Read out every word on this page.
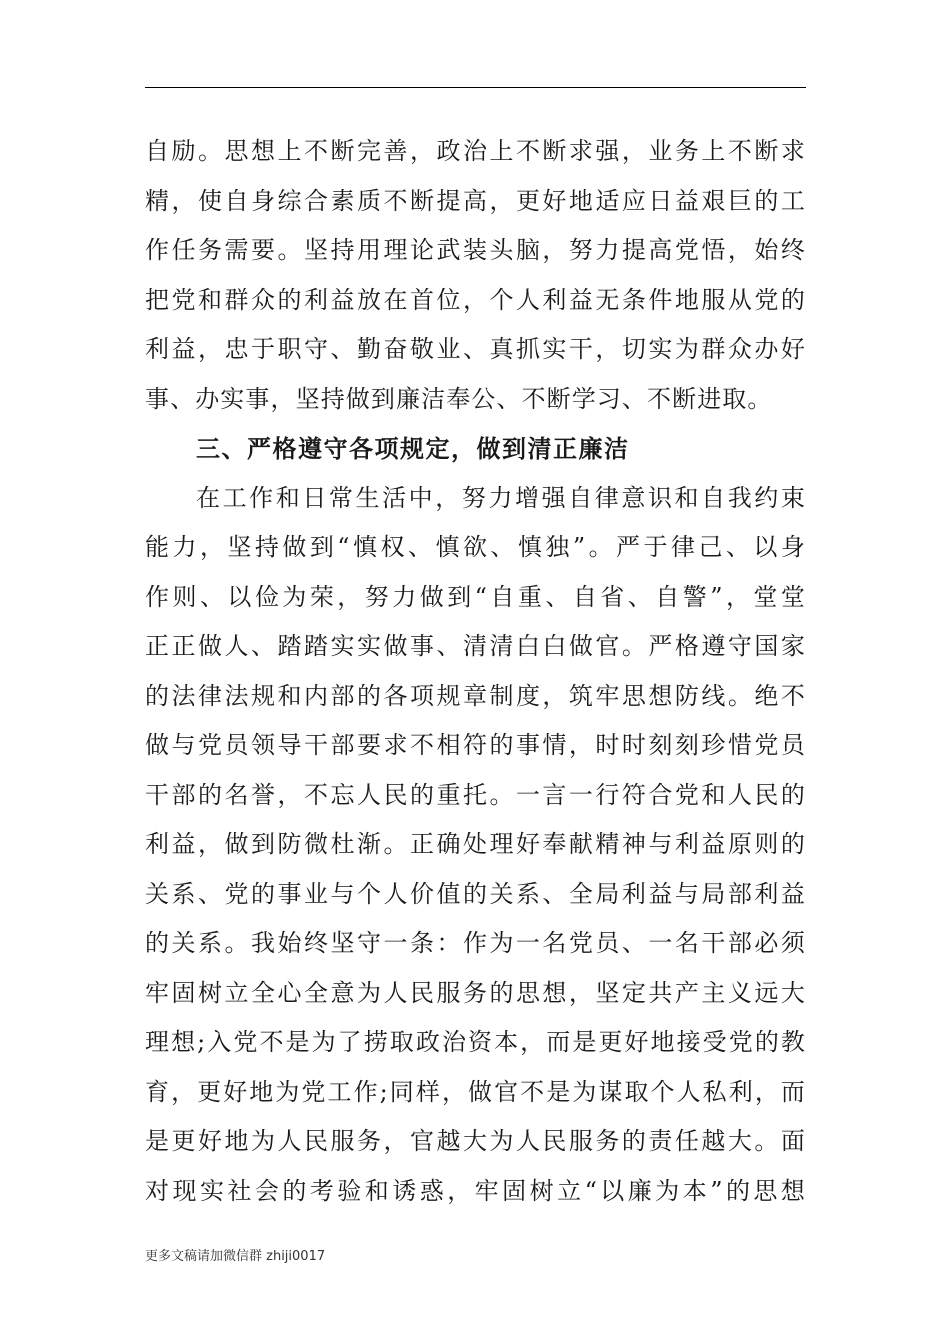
自励。思想上不断完善，政治上不断求强，业务上不断求
精，使自身综合素质不断提高，更好地适应日益艰巨的工
作任务需要。坚持用理论武装头脑，努力提高党悟，始终
把党和群众的利益放在首位，个人利益无条件地服从党的
利益，忠于职守、勤奋敬业、真抓实干，切实为群众办好
事、办实事，坚持做到廉洁奉公、不断学习、不断进取。
三、严格遵守各项规定，做到清正廉洁
在工作和日常生活中，努力增强自律意识和自我约束
能力，坚持做到“慎权、慎欲、慎独”。严于律己、以身
作则、以俭为荣，努力做到“自重、自省、自警”，堂堂
正正做人、踏踏实实做事、清清白白做官。严格遵守国家
的法律法规和内部的各项规章制度，筑牢思想防线。绝不
做与党员领导干部要求不相符的事情，时时刻刻珍惜党员
干部的名誉，不忘人民的重托。一言一行符合党和人民的
利益，做到防微杜渐。正确处理好奉献精神与利益原则的
关系、党的事业与个人价值的关系、全局利益与局部利益
的关系。我始终坚守一条：作为一名党员、一名干部必须
牢固树立全心全意为人民服务的思想，坚定共产主义远大
理想;入党不是为了捞取政治资本，而是更好地接受党的教
育，更好地为党工作;同样，做官不是为谋取个人私利，而
是更好地为人民服务，官越大为人民服务的责任越大。面
对现实社会的考验和诱惑，牢固树立“以廉为本”的思想
更多文稿请加微信群 zhiji0017
